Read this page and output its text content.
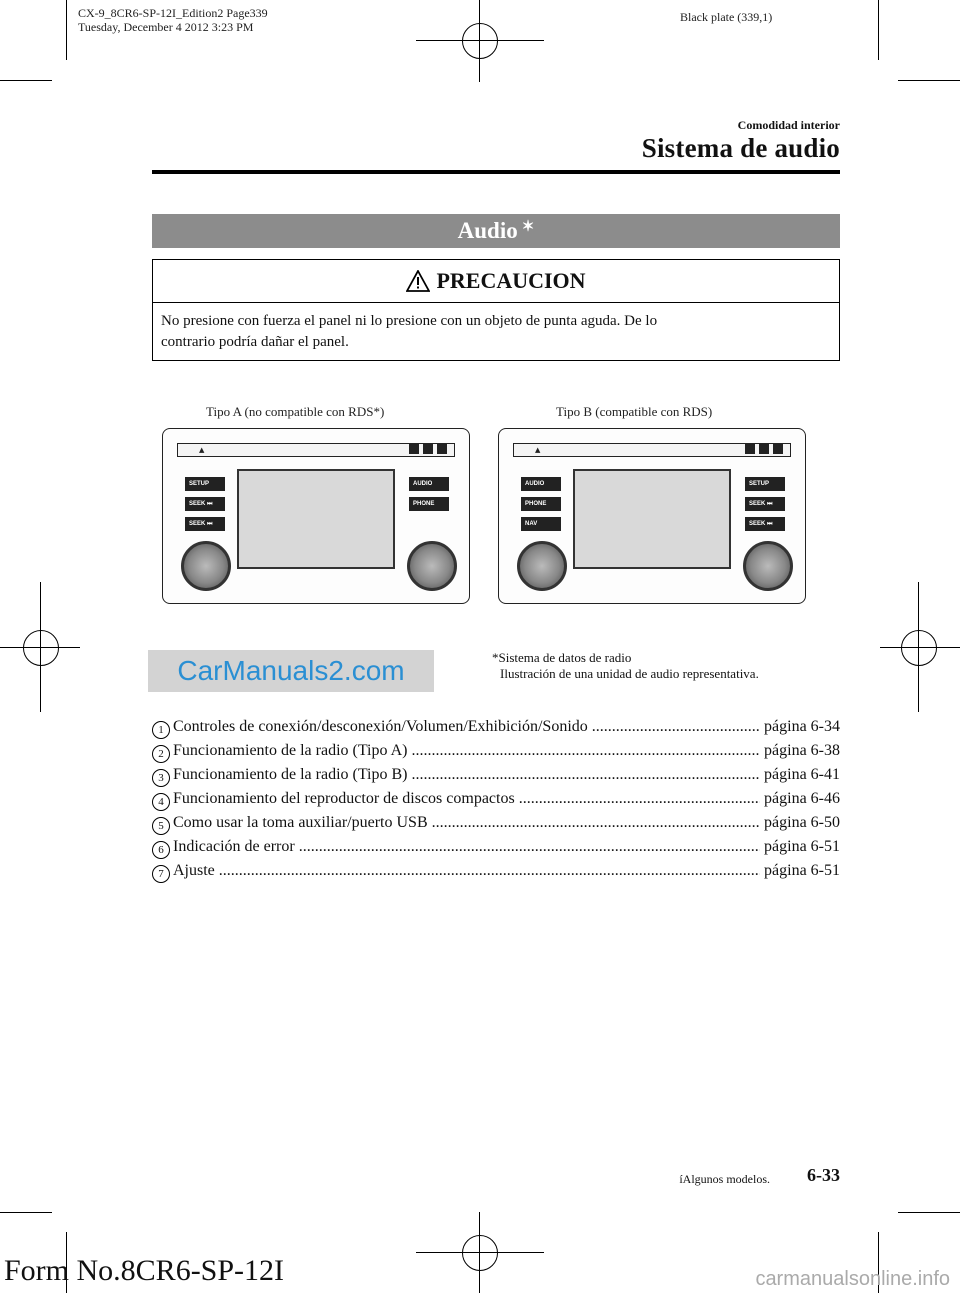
CX-9_8CR6-SP-12I_Edition2 Page339
Tuesday, December 4 2012 3:23 PM
Black plate (339,1)
Comodidad interior
Sistema de audio
Audio ✶
PRECAUCION
No presione con fuerza el panel ni lo presione con un objeto de punta aguda. De lo
contrario podría dañar el panel.
Tipo A (no compatible con RDS*)	Tipo B (compatible con RDS)
▲
SETUP
SEEK ⏭
SEEK ⏭
AUDIO
PHONE
▲
AUDIO
PHONE
NAV
SETUP
SEEK ⏭
SEEK ⏭
CarManuals2.com	*Sistema de datos de radio
Ilustración de una unidad de audio representativa.
1 Controles de conexión/desconexión/Volumen/Exhibición/Sonido .....	página 6-34
2 Funcionamiento de la radio (Tipo A) .....	página 6-38
3 Funcionamiento de la radio (Tipo B) .....	página 6-41
4 Funcionamiento del reproductor de discos compactos .....	página 6-46
5 Como usar la toma auxiliar/puerto USB .....	página 6-50
6 Indicación de error .....	página 6-51
7 Ajuste .....	página 6-51
íAlgunos modelos. 6-33
Form No.8CR6-SP-12I	carmanualsonline.info
